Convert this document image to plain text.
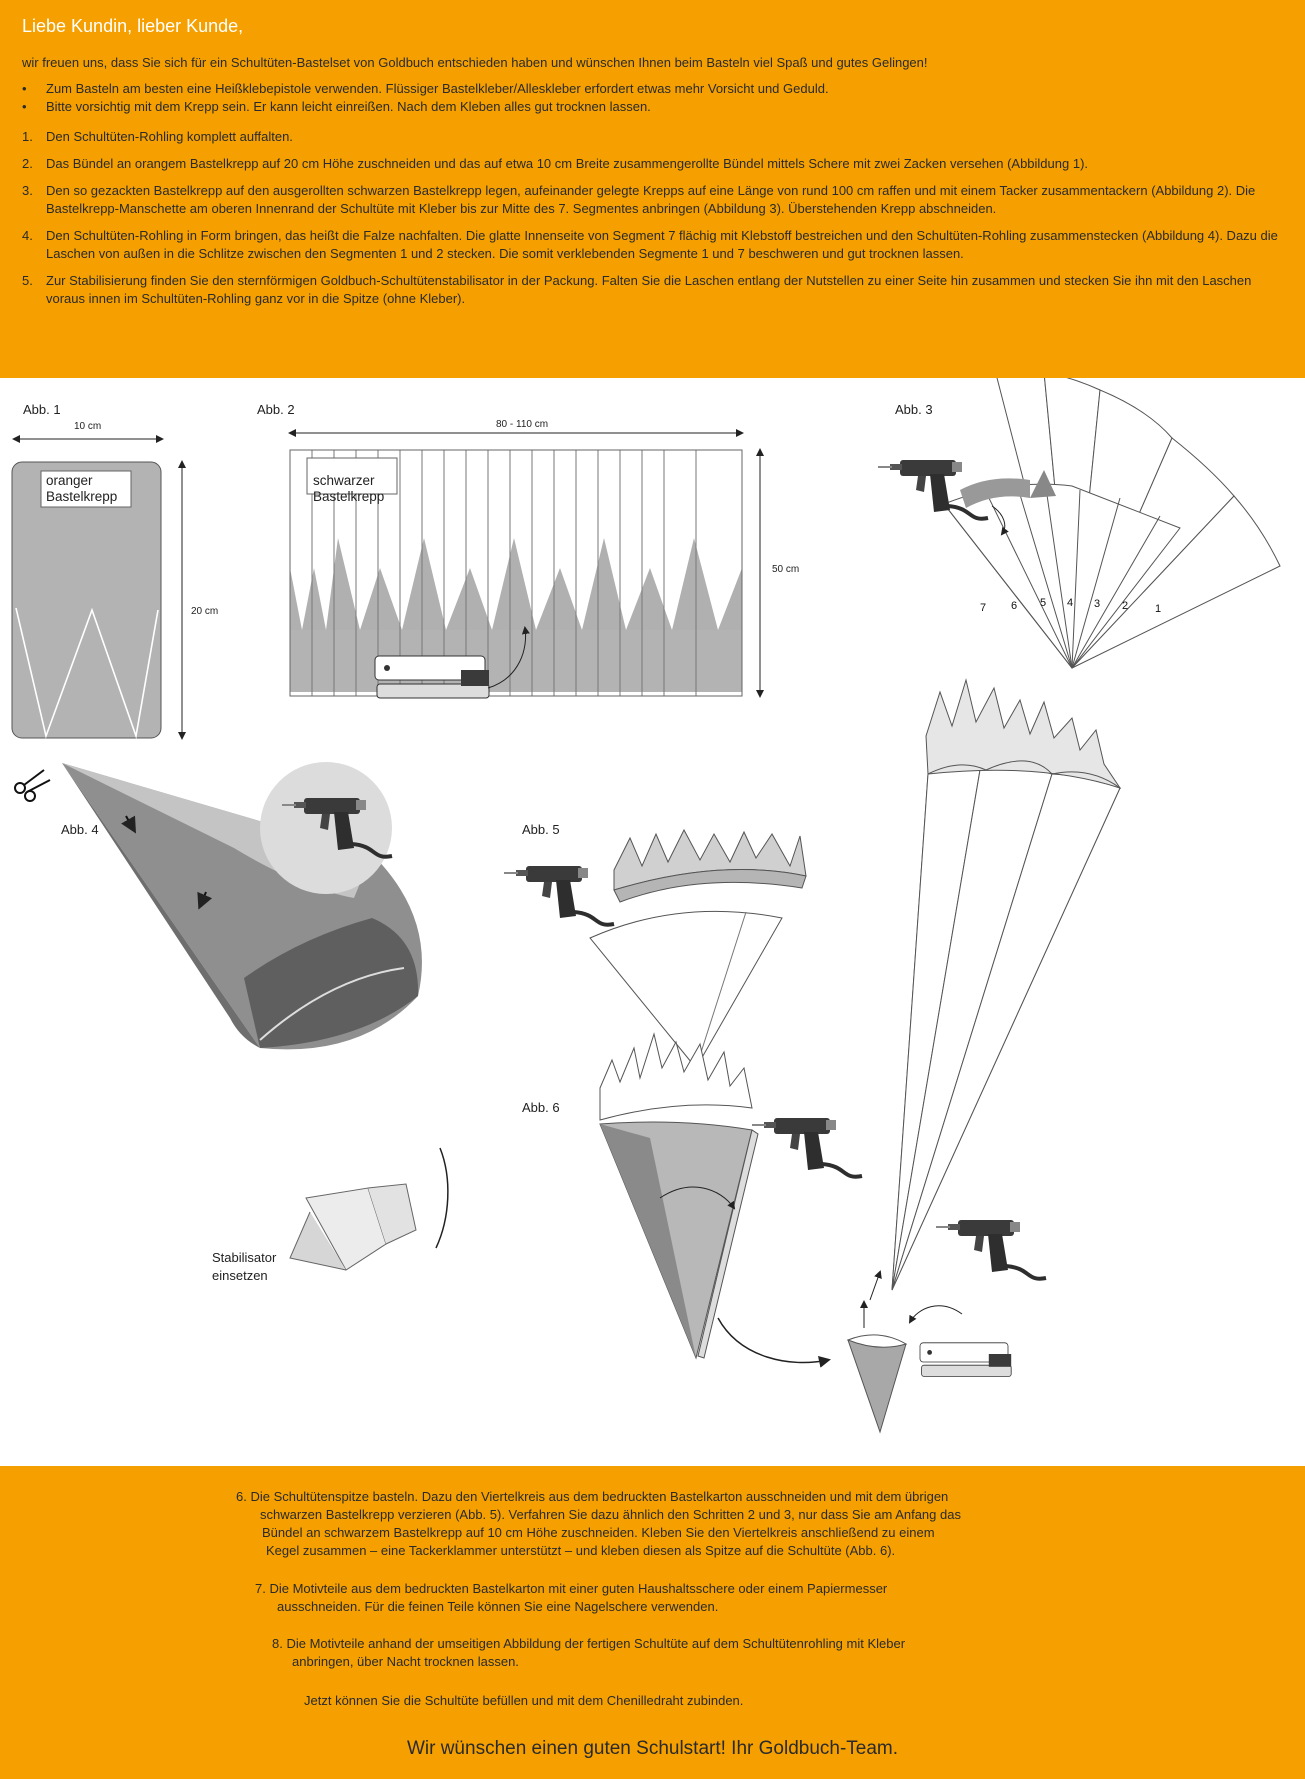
Liebe Kundin, lieber Kunde,

wir freuen uns, dass Sie sich für ein Schultüten-Bastelset von Goldbuch entschieden haben und wünschen Ihnen beim Basteln viel Spaß und gutes Gelingen!

• Zum Basteln am besten eine Heißklebepistole verwenden. Flüssiger Bastelkleber/Alleskleber erfordert etwas mehr Vorsicht und Geduld.
• Bitte vorsichtig mit dem Krepp sein. Er kann leicht einreißen. Nach dem Kleben alles gut trocknen lassen.
1. Den Schultüten-Rohling komplett auffalten.
2. Das Bündel an orangem Bastelkrepp auf 20 cm Höhe zuschneiden und das auf etwa 10 cm Breite zusammengerollte Bündel mittels Schere mit zwei Zacken versehen (Abbildung 1).
3. Den so gezackten Bastelkrepp auf den ausgerollten schwarzen Bastelkrepp legen, aufeinander gelegte Krepps auf eine Länge von rund 100 cm raffen und mit einem Tacker zusammentackern (Abbildung 2). Die Bastelkrepp-Manschette am oberen Innenrand der Schultüte mit Kleber bis zur Mitte des 7. Segmentes anbringen (Abbildung 3). Überstehenden Krepp abschneiden.
4. Den Schultüten-Rohling in Form bringen, das heißt die Falze nachfalten. Die glatte Innenseite von Segment 7 flächig mit Klebstoff bestreichen und den Schultüten-Rohling zusammenstecken (Abbildung 4). Dazu die Laschen von außen in die Schlitze zwischen den Segmenten 1 und 2 stecken. Die somit verklebenden Segmente 1 und 7 beschweren und gut trocknen lassen.
5. Zur Stabilisierung finden Sie den sternförmigen Goldbuch-Schultütenstabilisator in der Packung. Falten Sie die Laschen entlang der Nutstellen zu einer Seite hin zusammen und stecken Sie ihn mit den Laschen voraus innen im Schultüten-Rohling ganz vor in die Spitze (ohne Kleber).
7 6 5 4 3 2 1
Abb. 1
10 cm
20 cm
oranger
Bastelkrepp
Abb. 2
80 - 110 cm
50 cm
schwarzer
Bastelkrepp
Abb. 3
Abb. 4
Stabilisator
einsetzen
Abb. 5
Abb. 6
6. Die Schultütenspitze basteln. Dazu den Viertelkreis aus dem bedruckten Bastelkarton ausschneiden und mit dem übrigen
schwarzen Bastelkrepp verzieren (Abb. 5). Verfahren Sie dazu ähnlich den Schritten 2 und 3, nur dass Sie am Anfang das
Bündel an schwarzem Bastelkrepp auf 10 cm Höhe zuschneiden. Kleben Sie den Viertelkreis anschließend zu einem
Kegel zusammen – eine Tackerklammer unterstützt – und kleben diesen als Spitze auf die Schultüte (Abb. 6).
7. Die Motivteile aus dem bedruckten Bastelkarton mit einer guten Haushaltsschere oder einem Papiermesser
ausschneiden. Für die feinen Teile können Sie eine Nagelschere verwenden.
8. Die Motivteile anhand der umseitigen Abbildung der fertigen Schultüte auf dem Schultütenrohling mit Kleber
anbringen, über Nacht trocknen lassen.
Jetzt können Sie die Schultüte befüllen und mit dem Chenilledraht zubinden.
Wir wünschen einen guten Schulstart! Ihr Goldbuch-Team.
